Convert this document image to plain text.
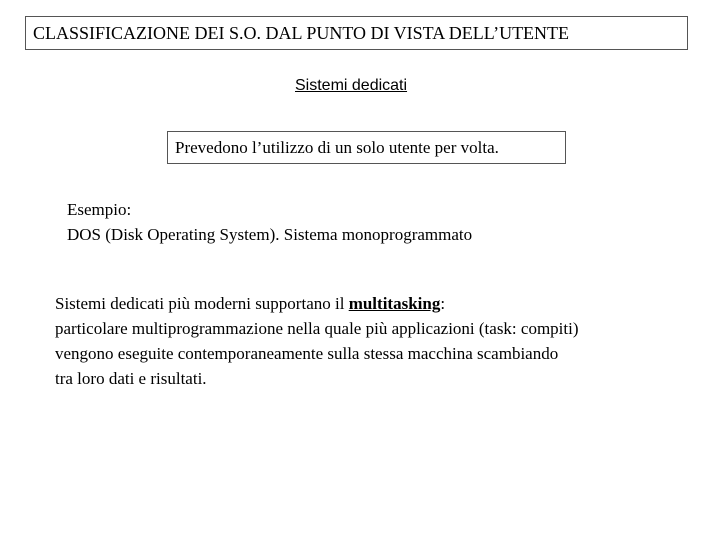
CLASSIFICAZIONE DEI S.O. DAL PUNTO DI VISTA DELL’UTENTE
Sistemi dedicati
Prevedono l’utilizzo di un solo utente per volta.
Esempio:
DOS (Disk Operating System). Sistema monoprogrammato
Sistemi dedicati più moderni supportano il multitasking:
particolare multiprogrammazione nella quale più applicazioni (task: compiti)
vengono eseguite contemporaneamente sulla stessa macchina scambiando
tra loro dati e risultati.
